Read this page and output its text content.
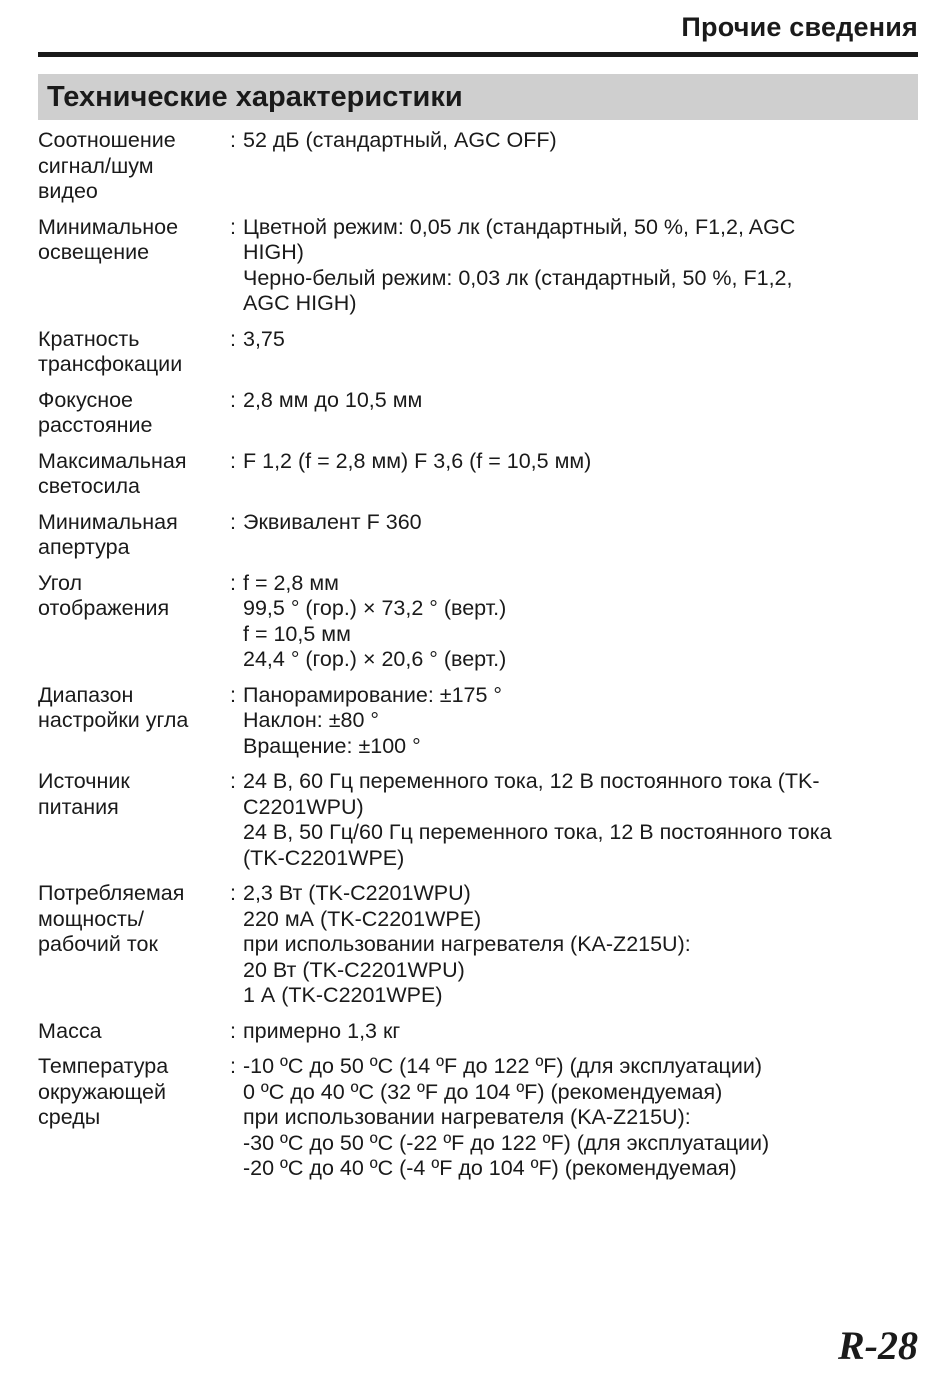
Прочие сведения
Технические характеристики
Соотношение
сигнал/шум
видео
: 52 дБ (стандартный, AGC OFF)
Минимальное
освещение
: Цветной режим: 0,05 лк (стандартный, 50 %, F1,2, AGC
HIGH)
Черно-белый режим: 0,03 лк (стандартный, 50 %, F1,2,
AGC HIGH)
Кратность
трансфокации
: 3,75
Фокусное
расстояние
: 2,8 мм до 10,5 мм
Максимальная
светосила
: F 1,2 (f = 2,8 мм) F 3,6 (f = 10,5 мм)
Минимальная
апертура
: Эквивалент F 360
Угол
отображения
: f = 2,8 мм
99,5 ° (гор.) × 73,2 ° (верт.)
f = 10,5 мм
24,4 ° (гор.) × 20,6 ° (верт.)
Диапазон
настройки угла
: Панорамирование: ±175 °
Наклон: ±80 °
Вращение: ±100 °
Источник
питания
: 24 В, 60 Гц переменного тока, 12 В постоянного тока (TK-
C2201WPU)
24 В, 50 Гц/60 Гц переменного тока, 12 В постоянного тока
(TK-C2201WPE)
Потребляемая
мощность/
рабочий ток
: 2,3 Вт (TK-C2201WPU)
220 мА (TK-C2201WPE)
при использовании нагревателя (KA-Z215U):
20 Вт (TK-C2201WPU)
1 А (TK-C2201WPE)
Масса	: примерно 1,3 кг
Температура
окружающей
среды
: -10 ºC до 50 ºC (14 ºF до 122 ºF) (для эксплуатации)
0 ºC до 40 ºC (32 ºF до 104 ºF) (рекомендуемая)
при использовании нагревателя (KA-Z215U):
-30 ºC до 50 ºC (-22 ºF до 122 ºF) (для эксплуатации)
-20 ºC до 40 ºC (-4 ºF до 104 ºF) (рекомендуемая)
R-28
